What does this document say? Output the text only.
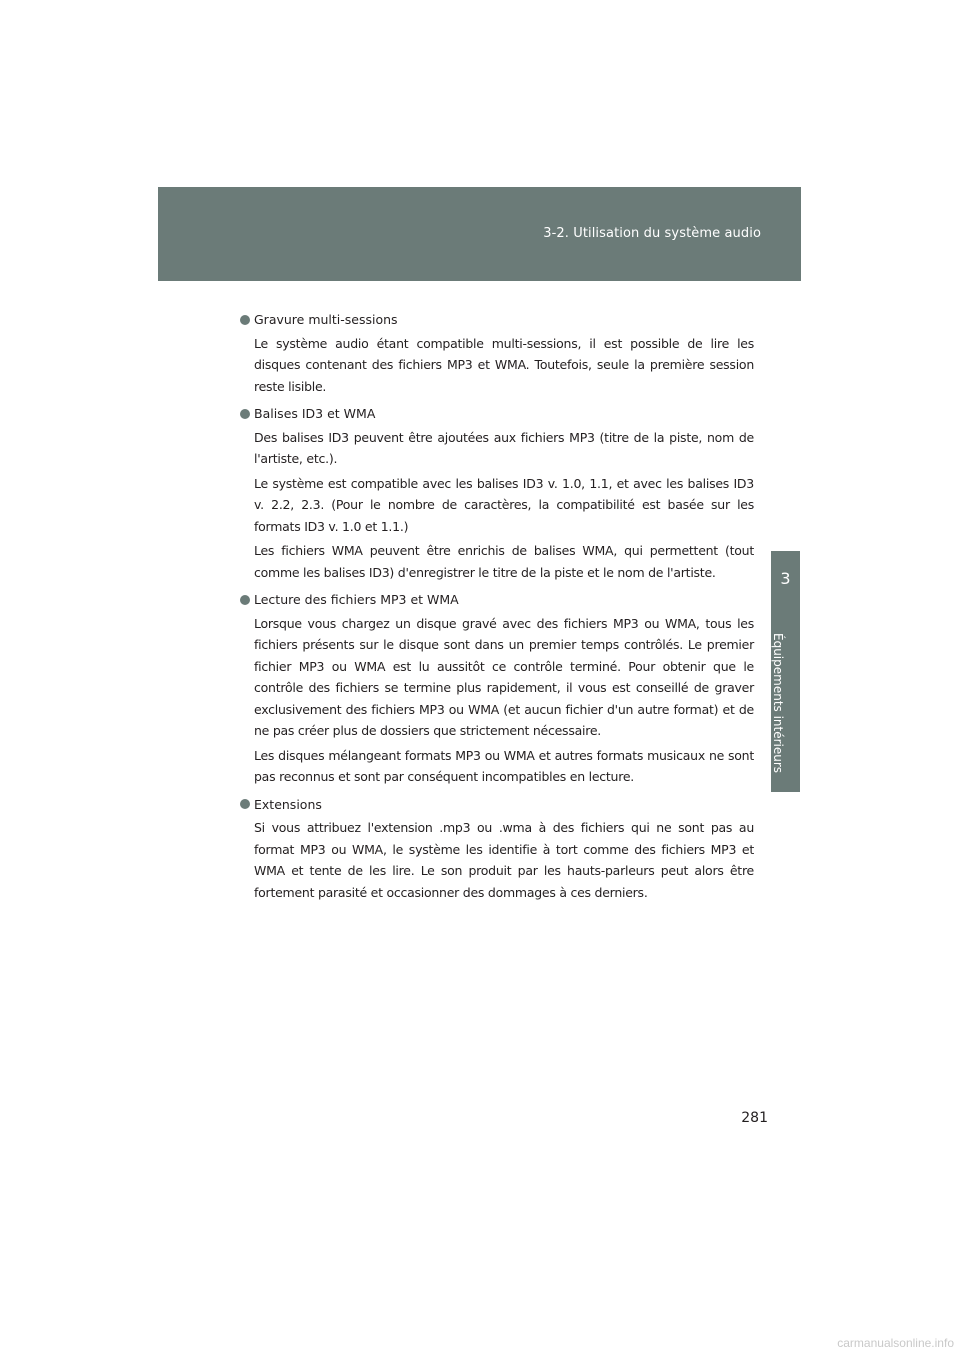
3-2. Utilisation du système audio
3
Équipements intérieurs
Gravure multi-sessions

Le système audio étant compatible multi-sessions, il est possible de lire les disques contenant des fichiers MP3 et WMA. Toutefois, seule la première session reste lisible.

Balises ID3 et WMA

Des balises ID3 peuvent être ajoutées aux fichiers MP3 (titre de la piste, nom de l'artiste, etc.).

Le système est compatible avec les balises ID3 v. 1.0, 1.1, et avec les balises ID3 v. 2.2, 2.3. (Pour le nombre de caractères, la compatibilité est basée sur les formats ID3 v. 1.0 et 1.1.)

Les fichiers WMA peuvent être enrichis de balises WMA, qui permettent (tout comme les balises ID3) d'enregistrer le titre de la piste et le nom de l'artiste.

Lecture des fichiers MP3 et WMA

Lorsque vous chargez un disque gravé avec des fichiers MP3 ou WMA, tous les fichiers présents sur le disque sont dans un premier temps contrôlés. Le premier fichier MP3 ou WMA est lu aussitôt ce contrôle terminé. Pour obtenir que le contrôle des fichiers se termine plus rapidement, il vous est conseillé de graver exclusivement des fichiers MP3 ou WMA (et aucun fichier d'un autre format) et de ne pas créer plus de dossiers que strictement nécessaire.

Les disques mélangeant formats MP3 ou WMA et autres formats musicaux ne sont pas reconnus et sont par conséquent incompatibles en lecture.

Extensions

Si vous attribuez l'extension .mp3 ou .wma à des fichiers qui ne sont pas au format MP3 ou WMA, le système les identifie à tort comme des fichiers MP3 et WMA et tente de les lire. Le son produit par les hauts-parleurs peut alors être fortement parasité et occasionner des dommages à ces derniers.

281
carmanualsonline.info
